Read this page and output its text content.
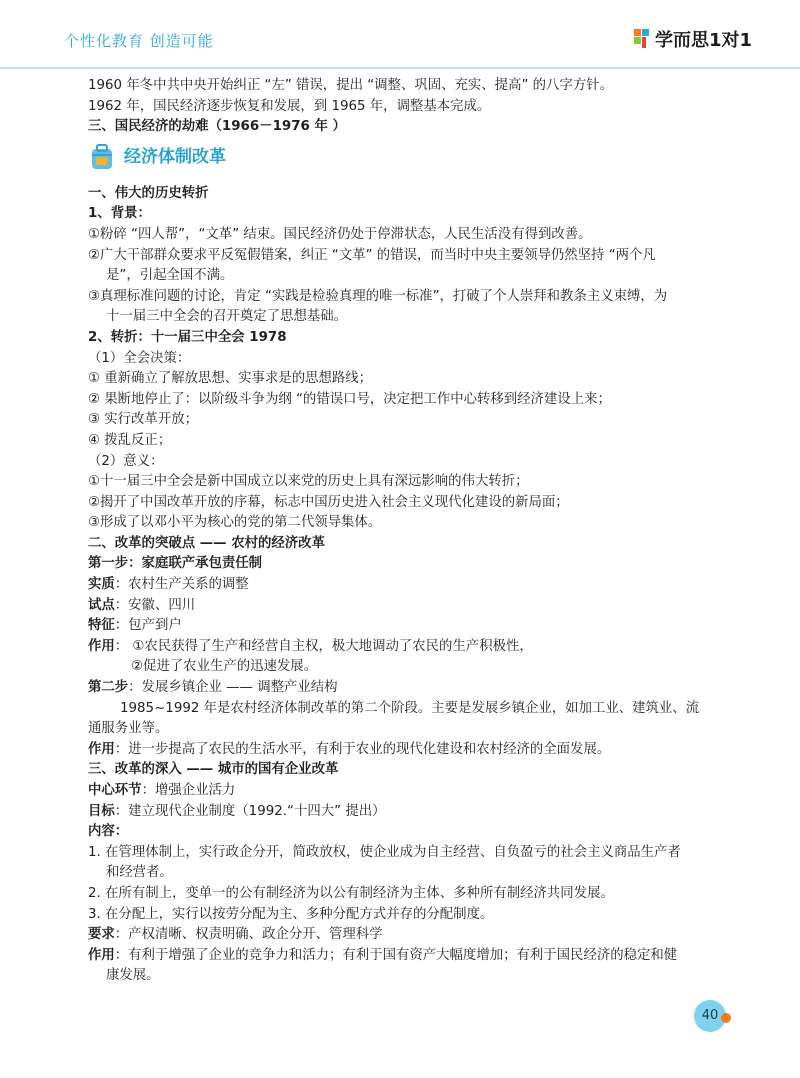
个性化教育 创造可能	学而思1对1
1960 年冬中共中央开始纠正 “左” 错误，提出 “调整、巩固、充实、提高” 的八字方针。
1962 年，国民经济逐步恢复和发展，到 1965 年，调整基本完成。
三、国民经济的劫难（1966－1976 年 ）
经济体制改革
一、伟大的历史转折
1、背景：
①粉碎 “四人帮”，“文革” 结束。国民经济仍处于停滞状态，人民生活没有得到改善。
②广大干部群众要求平反冤假错案，纠正 “文革” 的错误，而当时中央主要领导仍然坚持 “两个凡
是”，引起全国不满。
③真理标准问题的讨论，肯定 “实践是检验真理的唯一标准”，打破了个人崇拜和教条主义束缚，为
十一届三中全会的召开奠定了思想基础。
2、转折：十一届三中全会 1978
（1）全会决策：
① 重新确立了解放思想、实事求是的思想路线；
② 果断地停止了：以阶级斗争为纲 “的错误口号，决定把工作中心转移到经济建设上来；
③ 实行改革开放；
④ 拨乱反正；
（2）意义：
①十一届三中全会是新中国成立以来党的历史上具有深远影响的伟大转折；
②揭开了中国改革开放的序幕，标志中国历史进入社会主义现代化建设的新局面；
③形成了以邓小平为核心的党的第二代领导集体。
二、改革的突破点 —— 农村的经济改革
第一步：家庭联产承包责任制
实质：农村生产关系的调整
试点：安徽、四川
特征：包产到户
作用： ①农民获得了生产和经营自主权，极大地调动了农民的生产积极性，
②促进了农业生产的迅速发展。
第二步：发展乡镇企业 —— 调整产业结构
1985~1992 年是农村经济体制改革的第二个阶段。主要是发展乡镇企业，如加工业、建筑业、流
通服务业等。
作用：进一步提高了农民的生活水平，有利于农业的现代化建设和农村经济的全面发展。
三、改革的深入 —— 城市的国有企业改革
中心环节：增强企业活力
目标：建立现代企业制度（1992.“十四大” 提出）
内容：
1. 在管理体制上，实行政企分开，简政放权，使企业成为自主经营、自负盈亏的社会主义商品生产者
和经营者。
2. 在所有制上，变单一的公有制经济为以公有制经济为主体、多种所有制经济共同发展。
3. 在分配上，实行以按劳分配为主、多种分配方式并存的分配制度。
要求：产权清晰、权责明确、政企分开、管理科学
作用：有利于增强了企业的竞争力和活力；有利于国有资产大幅度增加；有利于国民经济的稳定和健
康发展。
40
